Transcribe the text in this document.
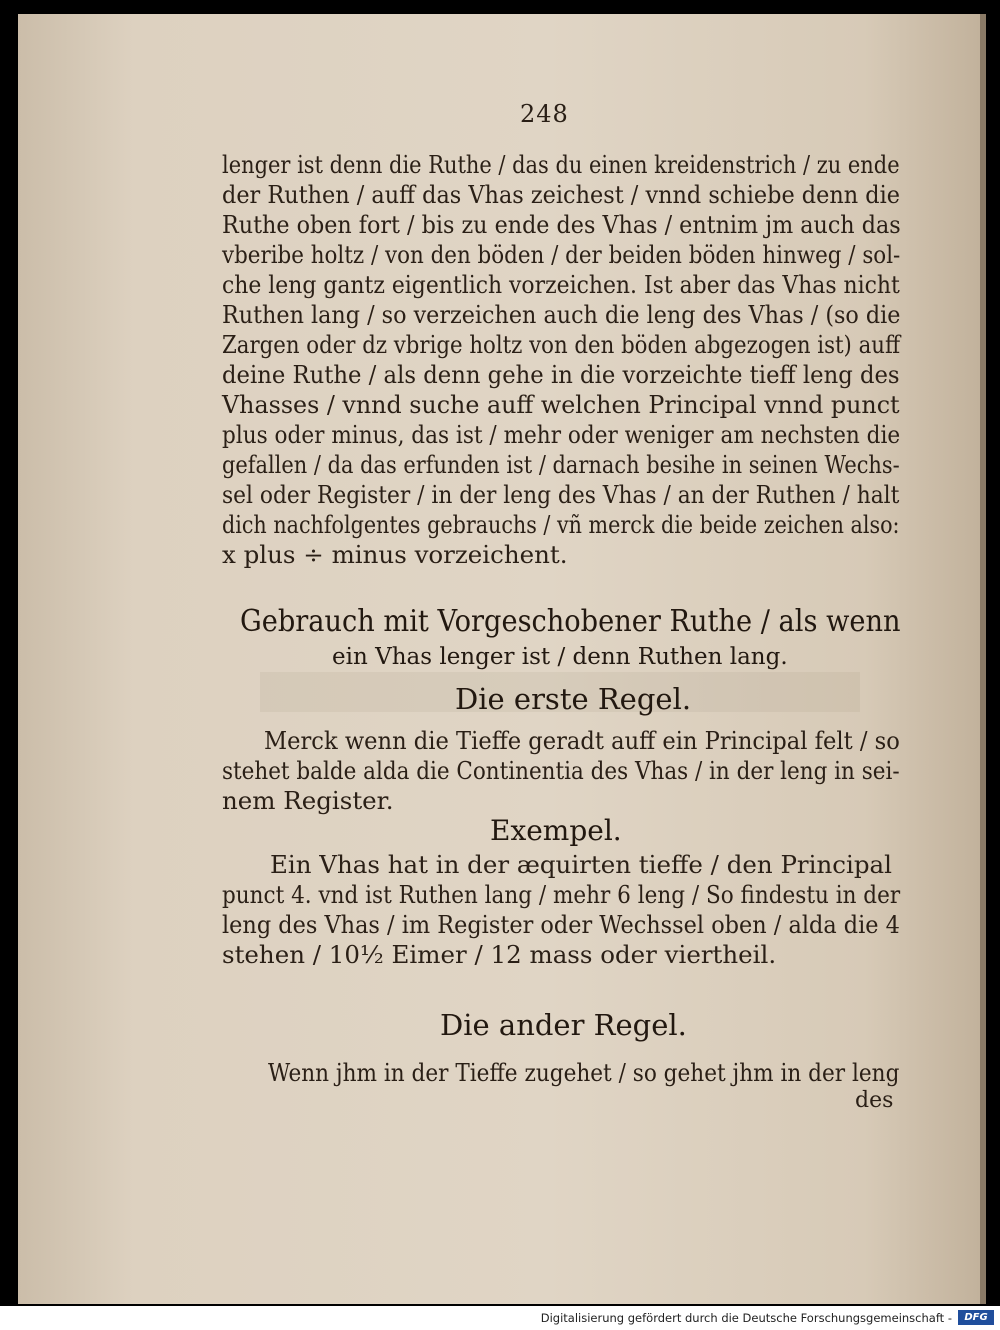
248
lenger ist denn die Ruthe / das du einen kreidenstrich / zu ende
der Ruthen / auff das Vhas zeichest / vnnd schiebe denn die
Ruthe oben fort / bis zu ende des Vhas / entnim jm auch das
vberibe holtz / von den böden / der beiden böden hinweg / sol-
che leng gantz eigentlich vorzeichen. Ist aber das Vhas nicht
Ruthen lang / so verzeichen auch die leng des Vhas / (so die
Zargen oder dz vbrige holtz von den böden abgezogen ist) auff
deine Ruthe / als denn gehe in die vorzeichte tieff leng des
Vhasses / vnnd suche auff welchen Principal vnnd punct
plus oder minus, das ist / mehr oder weniger am nechsten die
gefallen / da das erfunden ist / darnach besihe in seinen Wechs-
sel oder Register / in der leng des Vhas / an der Ruthen / halt
dich nachfolgentes gebrauchs / vñ merck die beide zeichen also:
x plus ÷ minus vorzeichent.
Gebrauch mit Vorgeschobener Ruthe / als wenn
ein Vhas lenger ist / denn Ruthen lang.
Die erste Regel.
Merck wenn die Tieffe geradt auff ein Principal felt / so
stehet balde alda die Continentia des Vhas / in der leng in sei-
nem Register.
Exempel.
Ein Vhas hat in der æquirten tieffe / den Principal
punct 4. vnd ist Ruthen lang / mehr 6 leng / So findestu in der
leng des Vhas / im Register oder Wechssel oben / alda die 4
stehen / 10½ Eimer / 12 mass oder viertheil.
Die ander Regel.
Wenn jhm in der Tieffe zugehet / so gehet jhm in der leng
des
Digitalisierung gefördert durch die Deutsche Forschungsgemeinschaft -	DFG
